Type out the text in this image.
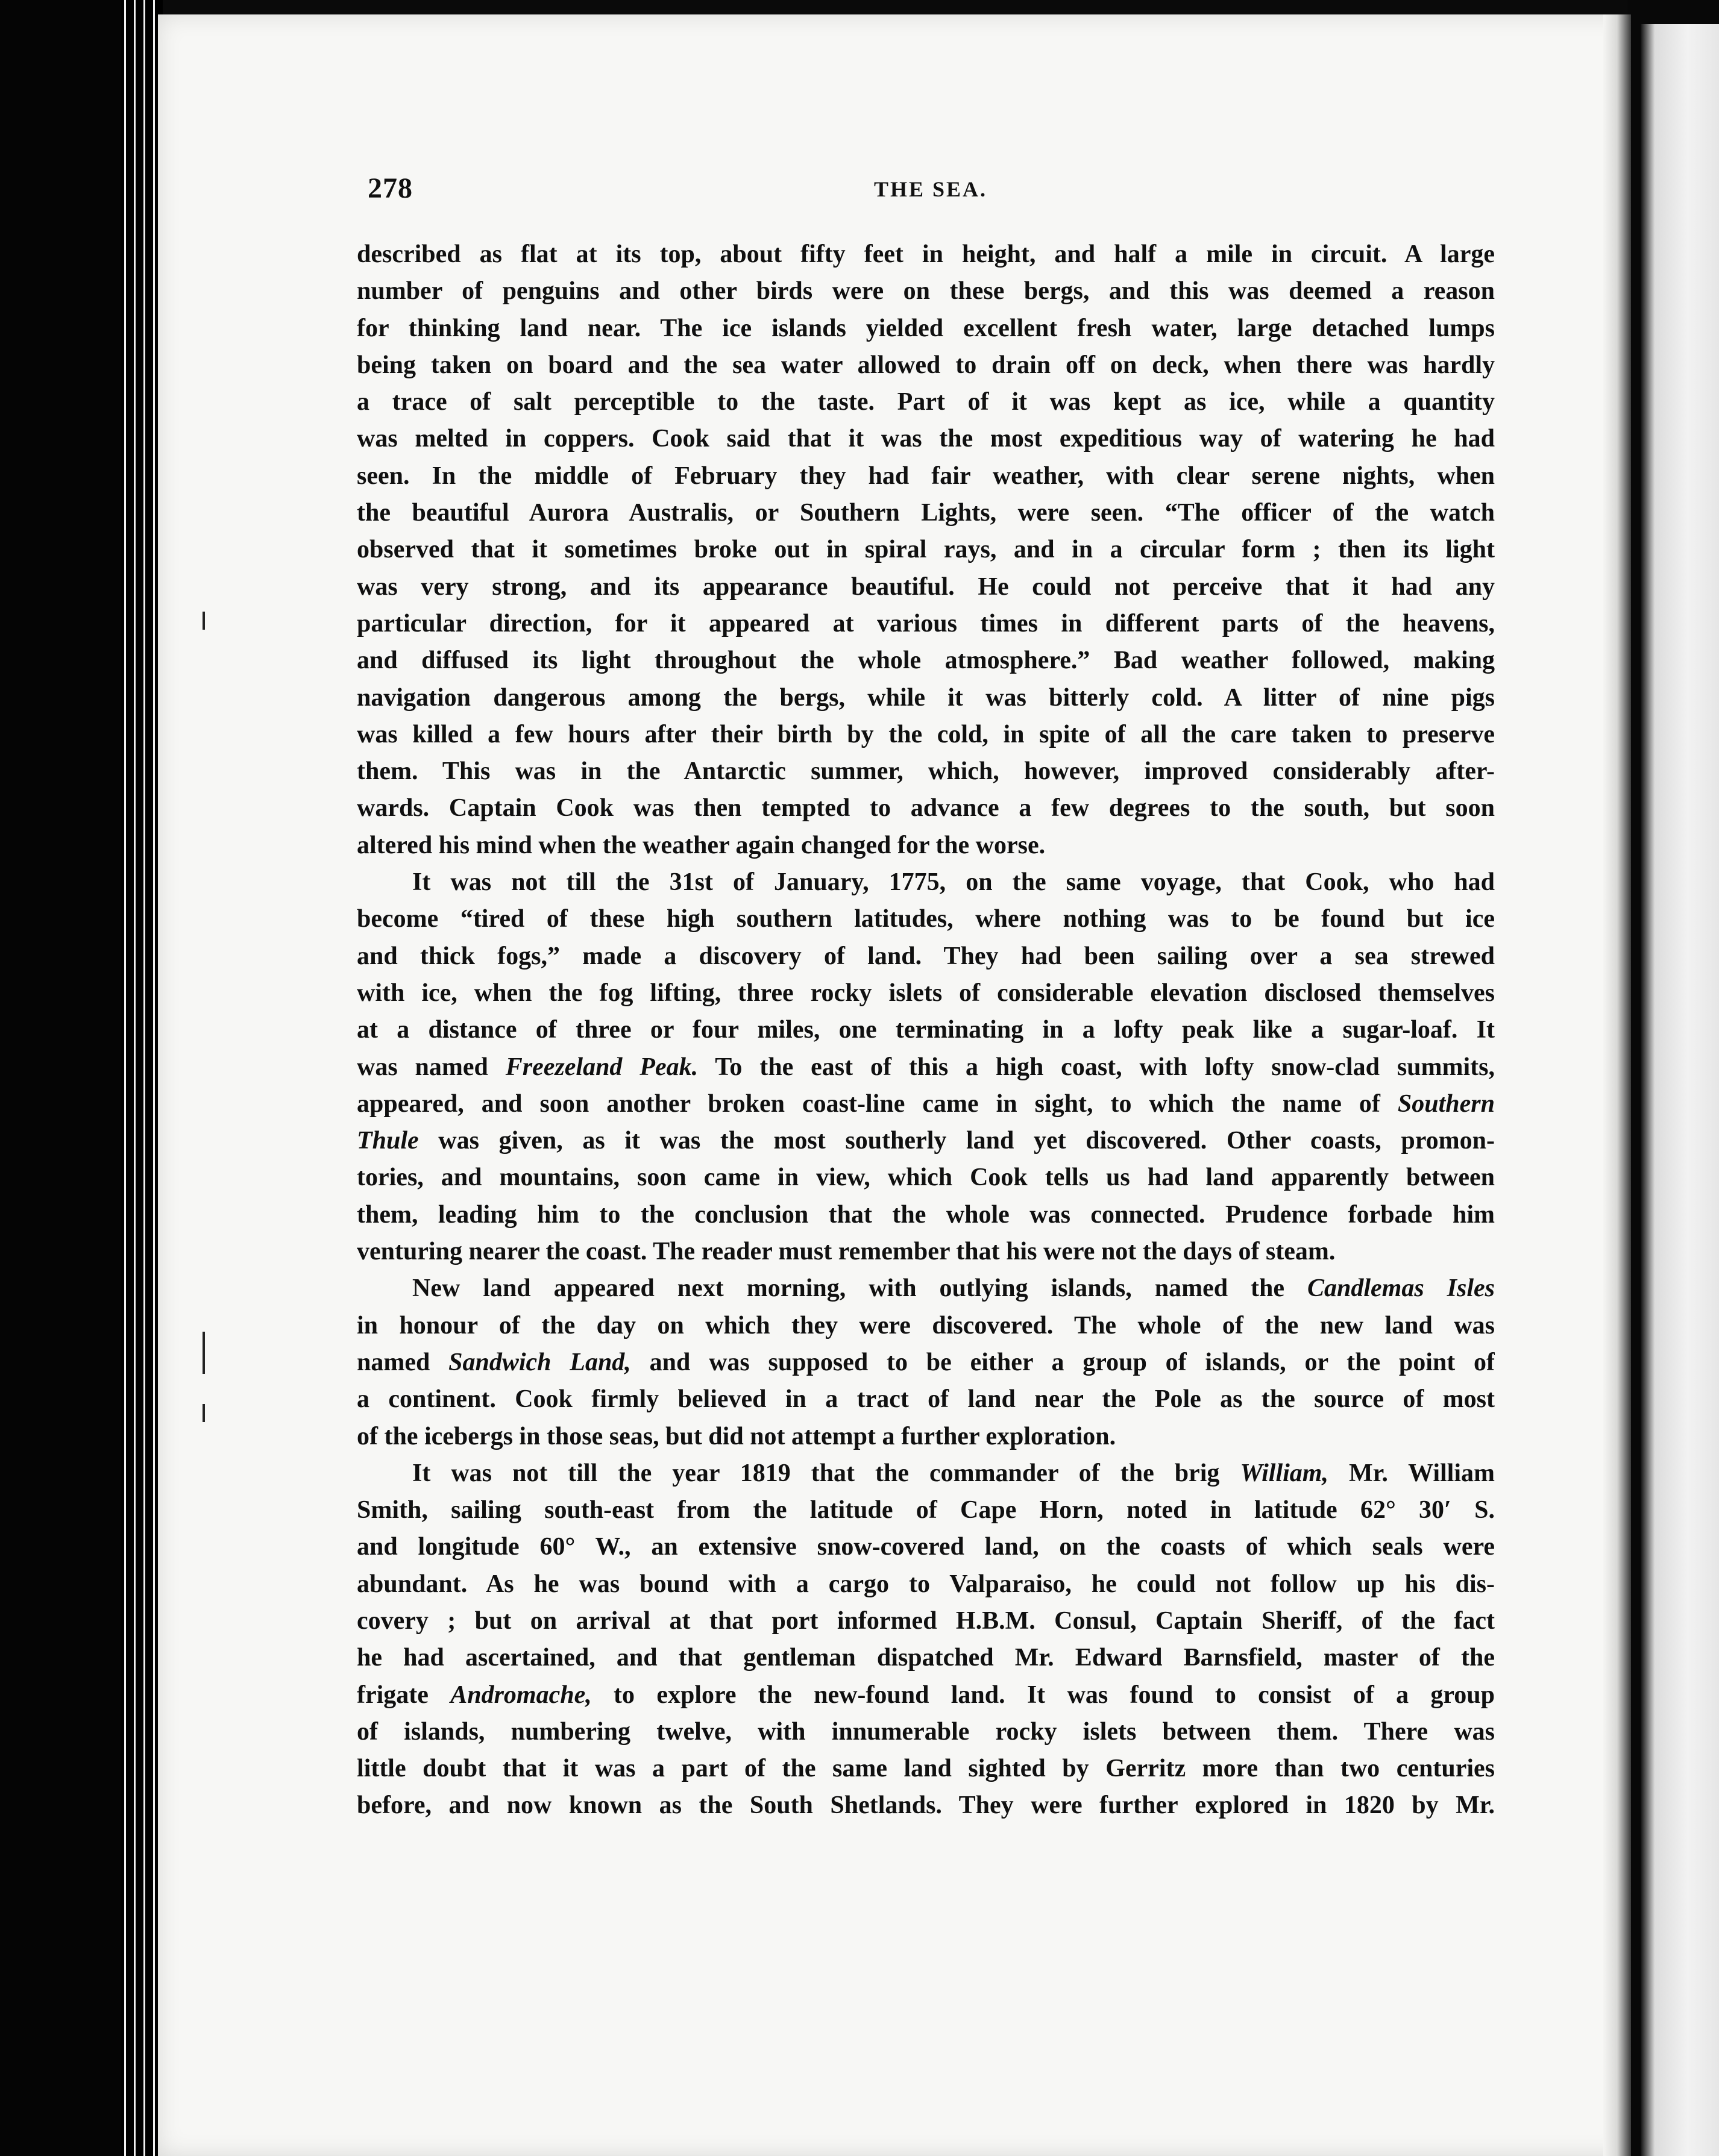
278	THE SEA.
described as flat at its top, about fifty feet in height, and half a mile in circuit. A large
number of penguins and other birds were on these bergs, and this was deemed a reason
for thinking land near. The ice islands yielded excellent fresh water, large detached lumps
being taken on board and the sea water allowed to drain off on deck, when there was hardly
a trace of salt perceptible to the taste. Part of it was kept as ice, while a quantity
was melted in coppers. Cook said that it was the most expeditious way of watering he had
seen. In the middle of February they had fair weather, with clear serene nights, when
the beautiful Aurora Australis, or Southern Lights, were seen. “The officer of the watch
observed that it sometimes broke out in spiral rays, and in a circular form ; then its light
was very strong, and its appearance beautiful. He could not perceive that it had any
particular direction, for it appeared at various times in different parts of the heavens,
and diffused its light throughout the whole atmosphere.” Bad weather followed, making
navigation dangerous among the bergs, while it was bitterly cold. A litter of nine pigs
was killed a few hours after their birth by the cold, in spite of all the care taken to preserve
them. This was in the Antarctic summer, which, however, improved considerably after-
wards. Captain Cook was then tempted to advance a few degrees to the south, but soon
altered his mind when the weather again changed for the worse.
It was not till the 31st of January, 1775, on the same voyage, that Cook, who had
become “tired of these high southern latitudes, where nothing was to be found but ice
and thick fogs,” made a discovery of land. They had been sailing over a sea strewed
with ice, when the fog lifting, three rocky islets of considerable elevation disclosed themselves
at a distance of three or four miles, one terminating in a lofty peak like a sugar-loaf. It
was named Freezeland Peak. To the east of this a high coast, with lofty snow-clad summits,
appeared, and soon another broken coast-line came in sight, to which the name of Southern
Thule was given, as it was the most southerly land yet discovered. Other coasts, promon-
tories, and mountains, soon came in view, which Cook tells us had land apparently between
them, leading him to the conclusion that the whole was connected. Prudence forbade him
venturing nearer the coast. The reader must remember that his were not the days of steam.
New land appeared next morning, with outlying islands, named the Candlemas Isles
in honour of the day on which they were discovered. The whole of the new land was
named Sandwich Land, and was supposed to be either a group of islands, or the point of
a continent. Cook firmly believed in a tract of land near the Pole as the source of most
of the icebergs in those seas, but did not attempt a further exploration.
It was not till the year 1819 that the commander of the brig William, Mr. William
Smith, sailing south-east from the latitude of Cape Horn, noted in latitude 62° 30′ S.
and longitude 60° W., an extensive snow-covered land, on the coasts of which seals were
abundant. As he was bound with a cargo to Valparaiso, he could not follow up his dis-
covery ; but on arrival at that port informed H.B.M. Consul, Captain Sheriff, of the fact
he had ascertained, and that gentleman dispatched Mr. Edward Barnsfield, master of the
frigate Andromache, to explore the new-found land. It was found to consist of a group
of islands, numbering twelve, with innumerable rocky islets between them. There was
little doubt that it was a part of the same land sighted by Gerritz more than two centuries
before, and now known as the South Shetlands. They were further explored in 1820 by Mr.
